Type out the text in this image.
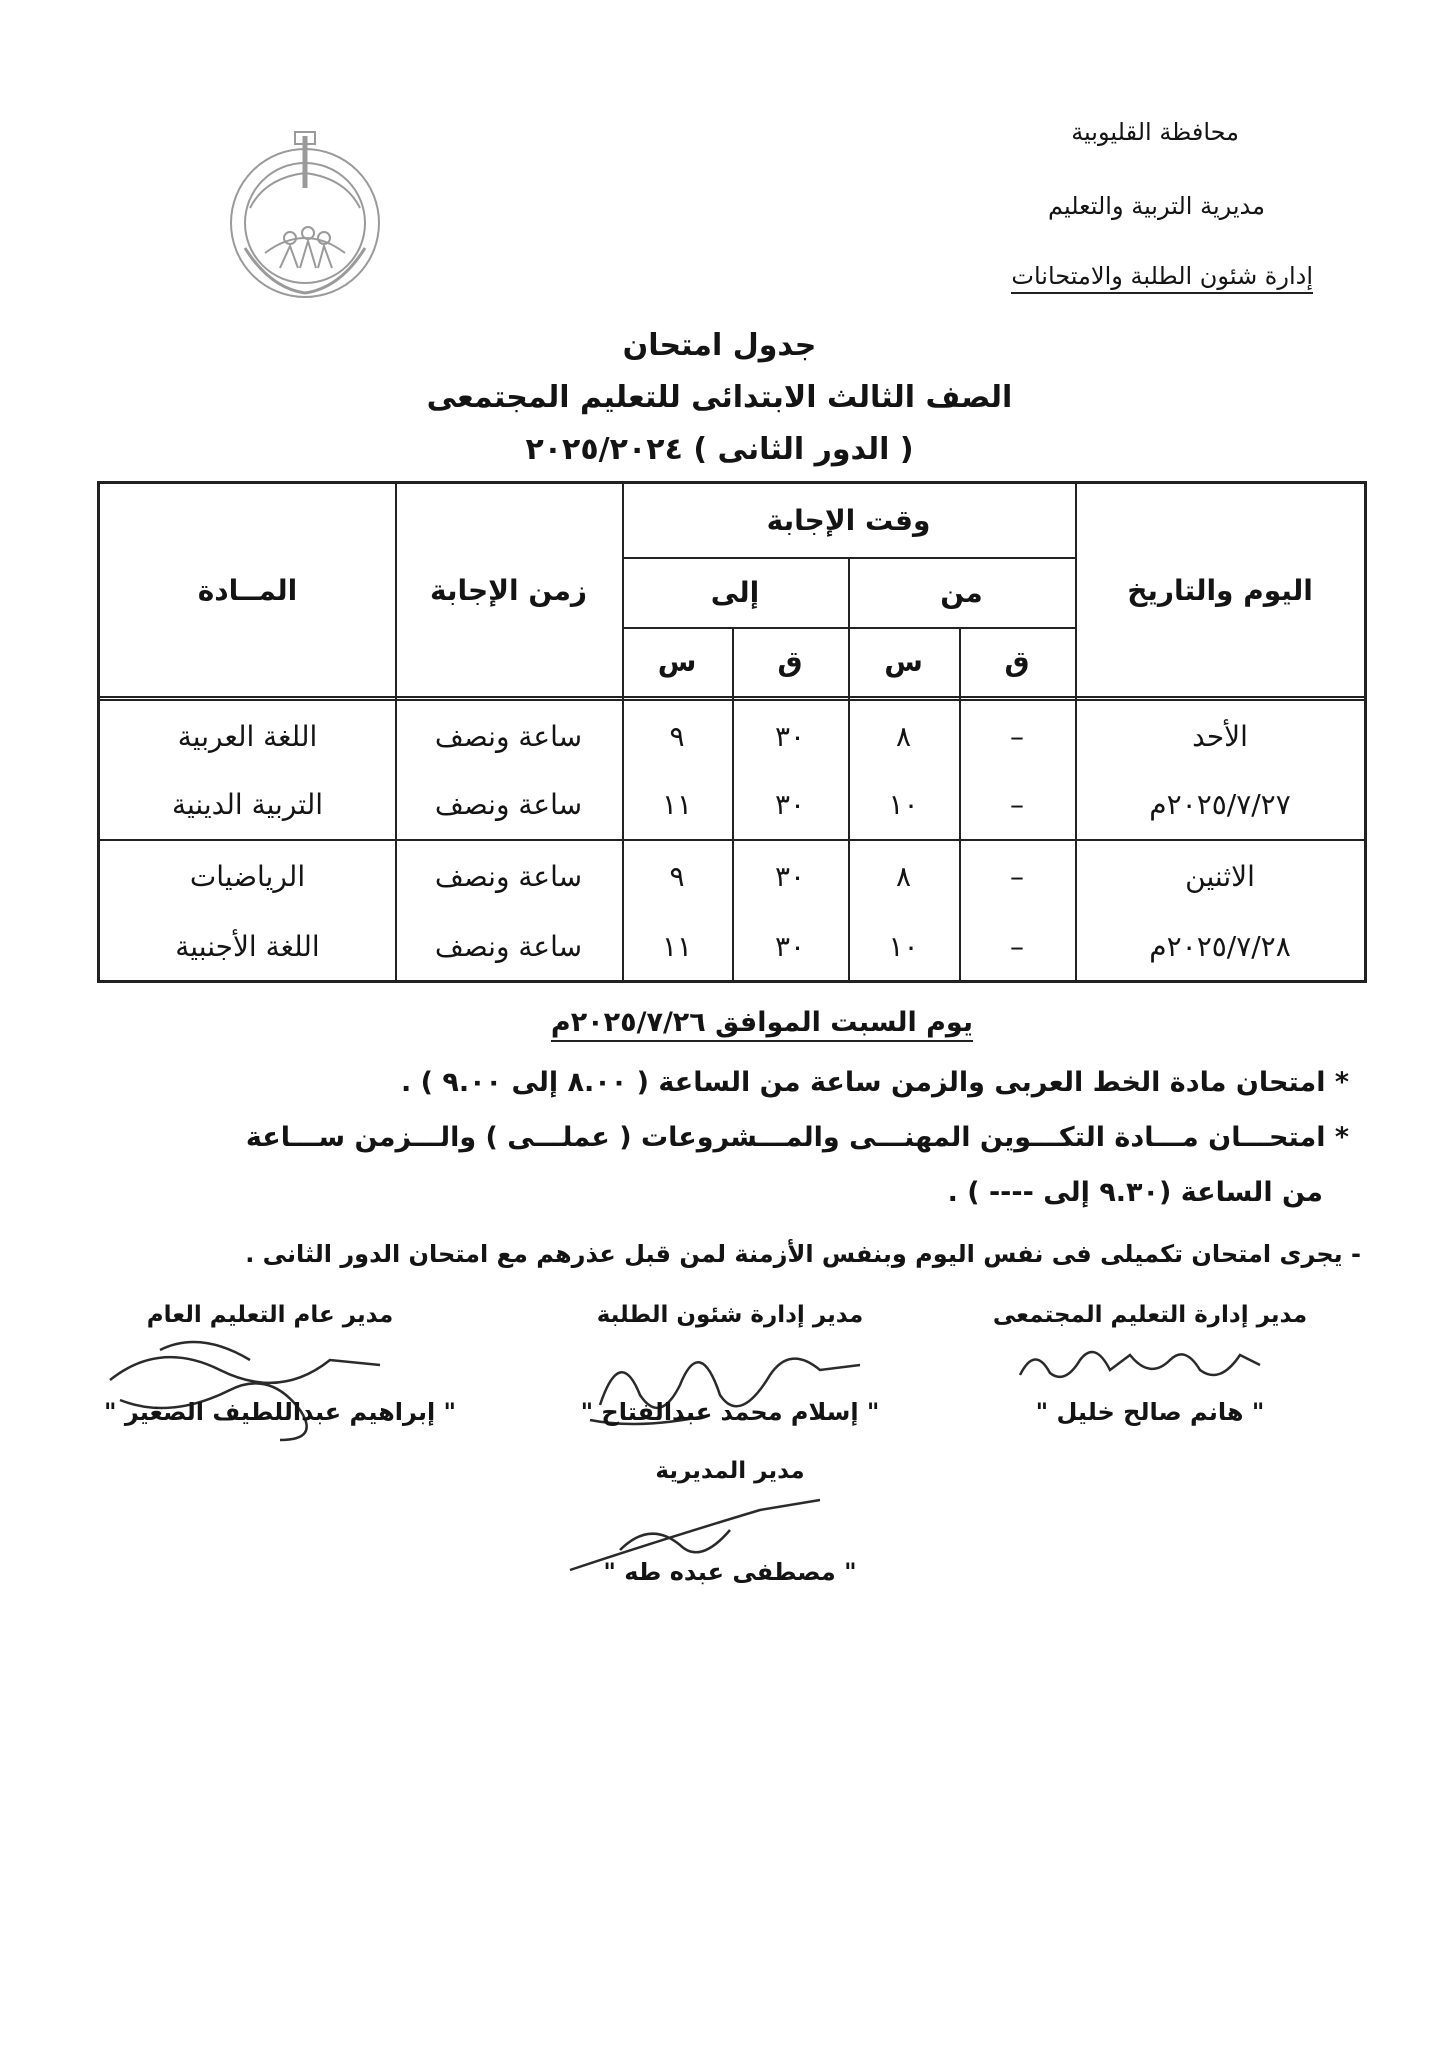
محافظة القليوبية
مديرية التربية والتعليم
إدارة شئون الطلبة والامتحانات
جدول امتحان
الصف الثالث الابتدائى للتعليم المجتمعى
( الدور الثانى ) ٢٠٢٥/٢٠٢٤
اليوم والتاريخ
وقت الإجابة
من
إلى
ق
س
ق
س
زمن الإجابة
المــادة
الأحد
٢٠٢٥/٧/٢٧م
–
٨
٣٠
٩
ساعة ونصف
اللغة العربية
–
١٠
٣٠
١١
ساعة ونصف
التربية الدينية
الاثنين
٢٠٢٥/٧/٢٨م
–
٨
٣٠
٩
ساعة ونصف
الرياضيات
–
١٠
٣٠
١١
ساعة ونصف
اللغة الأجنبية
يوم السبت الموافق ٢٠٢٥/٧/٢٦م
* امتحان مادة الخط العربى والزمن ساعة من الساعة ( ٨.٠٠ إلى ٩.٠٠ ) .
* امتحـــان مـــادة التكـــوين المهنـــى والمـــشروعات ( عملـــى ) والـــزمن ســـاعة
من الساعة (٩.٣٠ إلى ---- ) .
- يجرى امتحان تكميلى فى نفس اليوم وبنفس الأزمنة لمن قبل عذرهم مع امتحان الدور الثانى .
مدير إدارة التعليم المجتمعى
مدير إدارة شئون الطلبة
مدير عام التعليم العام
" هانم صالح خليل "
" إسلام محمد عبدالفتاح "
" إبراهيم عبداللطيف الصغير "
مدير المديرية
" مصطفى عبده طه "
